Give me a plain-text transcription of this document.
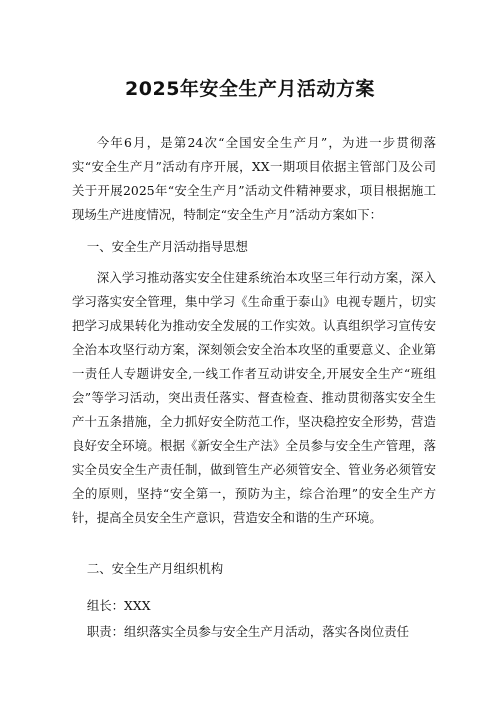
2025年安全生产月活动方案

今年6月，是第24次“全国安全生产月”，为进一步贯彻落实“安全生产月”活动有序开展，XX一期项目依据主管部门及公司关于开展2025年“安全生产月”活动文件精神要求，项目根据施工现场生产进度情况，特制定“安全生产月”活动方案如下：

一、安全生产月活动指导思想

深入学习推动落实安全住建系统治本攻坚三年行动方案，深入学习落实安全管理，集中学习《生命重于泰山》电视专题片，切实把学习成果转化为推动安全发展的工作实效。认真组织学习宣传安全治本攻坚行动方案，深刻领会安全治本攻坚的重要意义、企业第一责任人专题讲安全,一线工作者互动讲安全,开展安全生产“班组会”等学习活动，突出责任落实、督查检查、推动贯彻落实安全生产十五条措施，全力抓好安全防范工作，坚决稳控安全形势，营造良好安全环境。根据《新安全生产法》全员参与安全生产管理，落实全员安全生产责任制，做到管生产必须管安全、管业务必须管安全的原则，坚持“安全第一，预防为主，综合治理”的安全生产方针，提高全员安全生产意识，营造安全和谐的生产环境。

二、安全生产月组织机构

组长：XXX

职责：组织落实全员参与安全生产月活动，落实各岗位责任
